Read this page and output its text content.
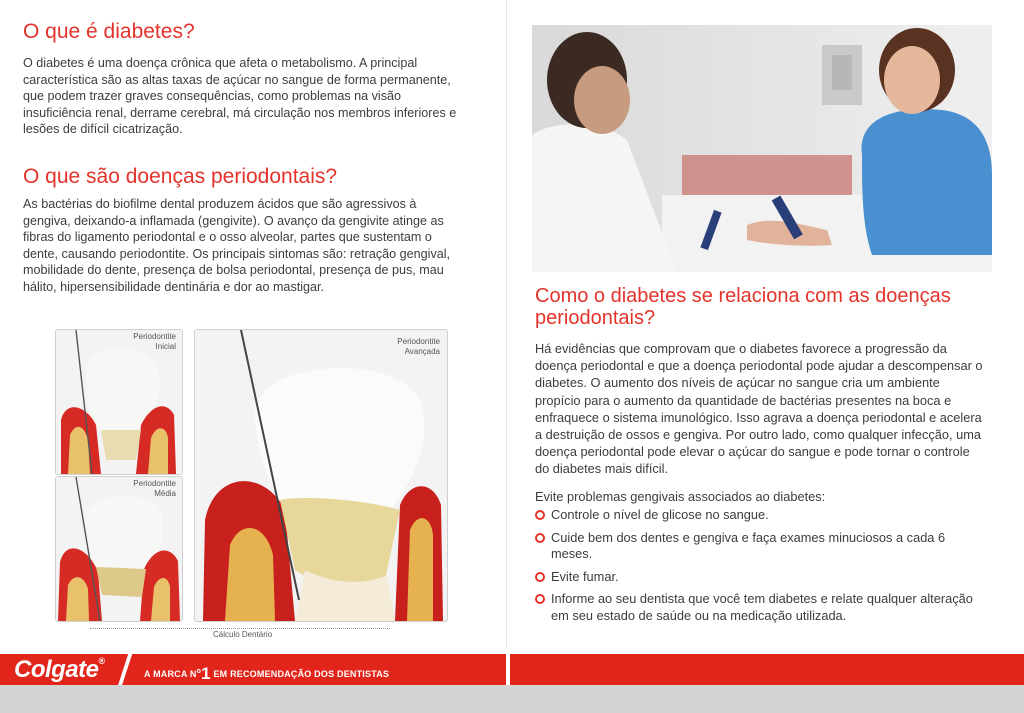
O que é diabetes?

O diabetes é uma doença crônica que afeta o metabolismo. A principal característica são as altas taxas de açúcar no sangue de forma permanente, que podem trazer graves consequências, como problemas na visão insuficiência renal, derrame cerebral, má circulação nos membros inferiores e lesões de difícil cicatrização.

O que são doenças periodontais?

As bactérias do biofilme dental produzem ácidos que são agressivos à gengiva, deixando-a inflamada (gengivite). O avanço da gengivite atinge as fibras do ligamento periodontal e o osso alveolar, partes que sustentam o dente, causando periodontite. Os principais sintomas são: retração gengival, mobilidade do dente, presença de bolsa periodontal, presença de pus, mau hálito, hipersensibilidade dentinária e dor ao mastigar.

Periodontite
Inicial
Periodontite
Média
Periodontite
Avançada
Cálculo Dentário
Como o diabetes se relaciona com as doenças periodontais?

Há evidências que comprovam que o diabetes favorece a progressão da doença periodontal e que a doença periodontal pode ajudar a descompensar o diabetes. O aumento dos níveis de açúcar no sangue cria um ambiente propício para o aumento da quantidade de bactérias presentes na boca e enfraquece o sistema imunológico. Isso agrava a doença periodontal e acelera a destruição de ossos e gengiva. Por outro lado, como qualquer infecção, uma doença periodontal pode elevar o açúcar do sangue e pode tornar o controle do diabetes mais difícil.

Evite problemas gengivais associados ao diabetes:

Controle o nível de glicose no sangue.
Cuide bem dos dentes e gengiva e faça exames minuciosos a cada 6 meses.
Evite fumar.
Informe ao seu dentista que você tem diabetes e relate qualquer alteração em seu estado de saúde ou na medicação utilizada.
Colgate®
A MARCA $N^o1$ EM RECOMENDAÇÃO DOS DENTISTAS
